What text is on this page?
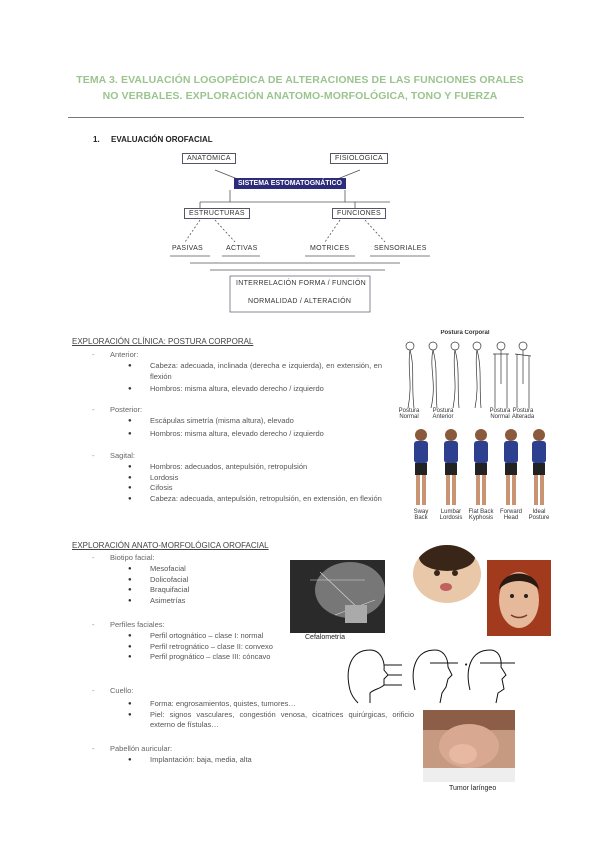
TEMA 3. EVALUACIÓN LOGOPÉDICA DE ALTERACIONES DE LAS FUNCIONES ORALES
NO VERBALES. EXPLORACIÓN ANATOMO-MORFOLÓGICA, TONO Y FUERZA
1. EVALUACIÓN OROFACIAL
ANATÓMICA	FISIOLÓGICA
SISTEMA ESTOMATOGNÁTICO
ESTRUCTURAS	FUNCIONES
PASIVAS	ACTIVAS	MOTRICES	SENSORIALES
INTERRELACIÓN FORMA / FUNCIÓN
NORMALIDAD / ALTERACIÓN
EXPLORACIÓN CLÍNICA: POSTURA CORPORAL
- Anterior:
● Cabeza: adecuada, inclinada (derecha e izquierda), en extensión, en flexión
● Hombros: misma altura, elevado derecho / izquierdo
- Posterior:
● Escápulas simetría (misma altura), elevado
● Hombros: misma altura, elevado derecho / izquierdo
- Sagital:
● Hombros: adecuados, antepulsión, retropulsión
● Lordosis
● Cifosis
● Cabeza: adecuada, antepulsión, retropulsión, en extensión, en flexión
Postura Corporal
Postura Normal
Postura Anterior
Postura Normal
Postura Alterada
Sway Back
Lumbar Lordosis
Flat Back Kyphosis
Forward Head
Ideal Posture
EXPLORACIÓN ANATO-MORFOLÓGICA OROFACIAL
- Biotipo facial:
● Mesofacial
● Dolicofacial
● Braquifacial
● Asimetrías
- Perfiles faciales:
● Perfil ortognático – clase I: normal
● Perfil retrognático – clase II: convexo
● Perfil prognático – clase III: cóncavo
- Cuello:
● Forma: engrosamientos, quistes, tumores…
● Piel: signos vasculares, congestión venosa, cicatrices quirúrgicas, orificio externo de fístulas…
- Pabellón auricular:
● Implantación: baja, media, alta
Cefalometría
•
Tumor laríngeo
